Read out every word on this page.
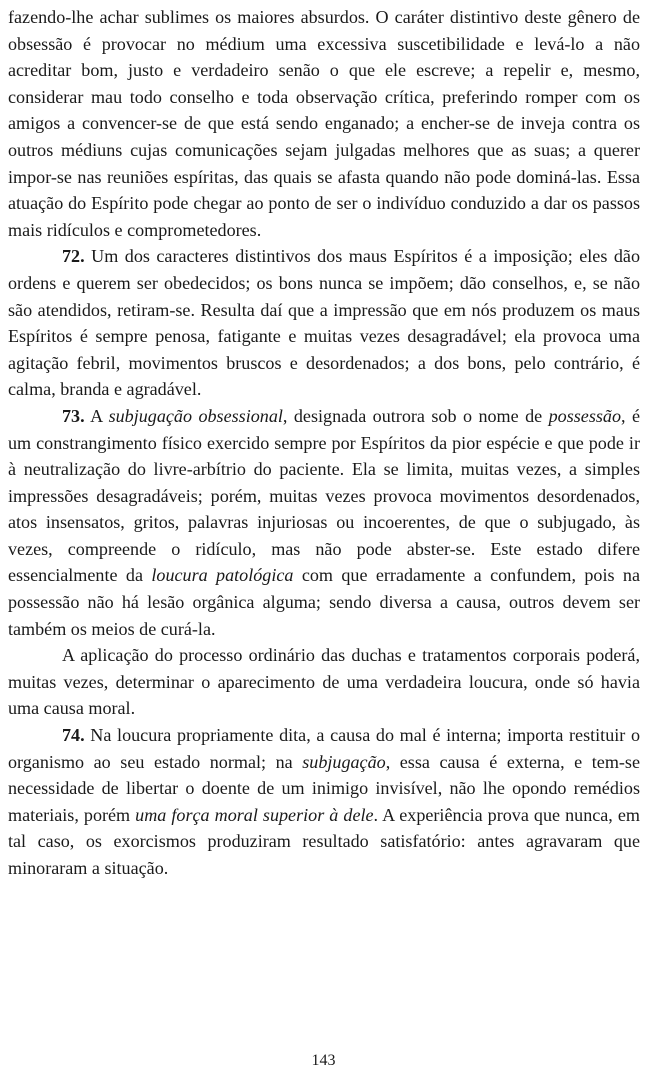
fazendo-lhe achar sublimes os maiores absurdos. O caráter distintivo deste gênero de obsessão é provocar no médium uma excessiva suscetibilidade e levá-lo a não acreditar bom, justo e verdadeiro senão o que ele escreve; a repelir e, mesmo, considerar mau todo conselho e toda observação crítica, preferindo romper com os amigos a convencer-se de que está sendo enganado; a encher-se de inveja contra os outros médiuns cujas comunicações sejam julgadas melhores que as suas; a querer impor-se nas reuniões espíritas, das quais se afasta quando não pode dominá-las. Essa atuação do Espírito pode chegar ao ponto de ser o indivíduo conduzido a dar os passos mais ridículos e comprometedores.

72. Um dos caracteres distintivos dos maus Espíritos é a imposição; eles dão ordens e querem ser obedecidos; os bons nunca se impõem; dão conselhos, e, se não são atendidos, retiram-se. Resulta daí que a impressão que em nós produzem os maus Espíritos é sempre penosa, fatigante e muitas vezes desagradável; ela provoca uma agitação febril, movimentos bruscos e desordenados; a dos bons, pelo contrário, é calma, branda e agradável.

73. A subjugação obsessional, designada outrora sob o nome de possessão, é um constrangimento físico exercido sempre por Espíritos da pior espécie e que pode ir à neutralização do livre-arbítrio do paciente. Ela se limita, muitas vezes, a simples impressões desagradáveis; porém, muitas vezes provoca movimentos desordenados, atos insensatos, gritos, palavras injuriosas ou incoerentes, de que o subjugado, às vezes, compreende o ridículo, mas não pode abster-se. Este estado difere essencialmente da loucura patológica com que erradamente a confundem, pois na possessão não há lesão orgânica alguma; sendo diversa a causa, outros devem ser também os meios de curá-la.

A aplicação do processo ordinário das duchas e tratamentos corporais poderá, muitas vezes, determinar o aparecimento de uma verdadeira loucura, onde só havia uma causa moral.

74. Na loucura propriamente dita, a causa do mal é interna; importa restituir o organismo ao seu estado normal; na subjugação, essa causa é externa, e tem-se necessidade de libertar o doente de um inimigo invisível, não lhe opondo remédios materiais, porém uma força moral superior à dele. A experiência prova que nunca, em tal caso, os exorcismos produziram resultado satisfatório: antes agravaram que minoraram a situação.

143
